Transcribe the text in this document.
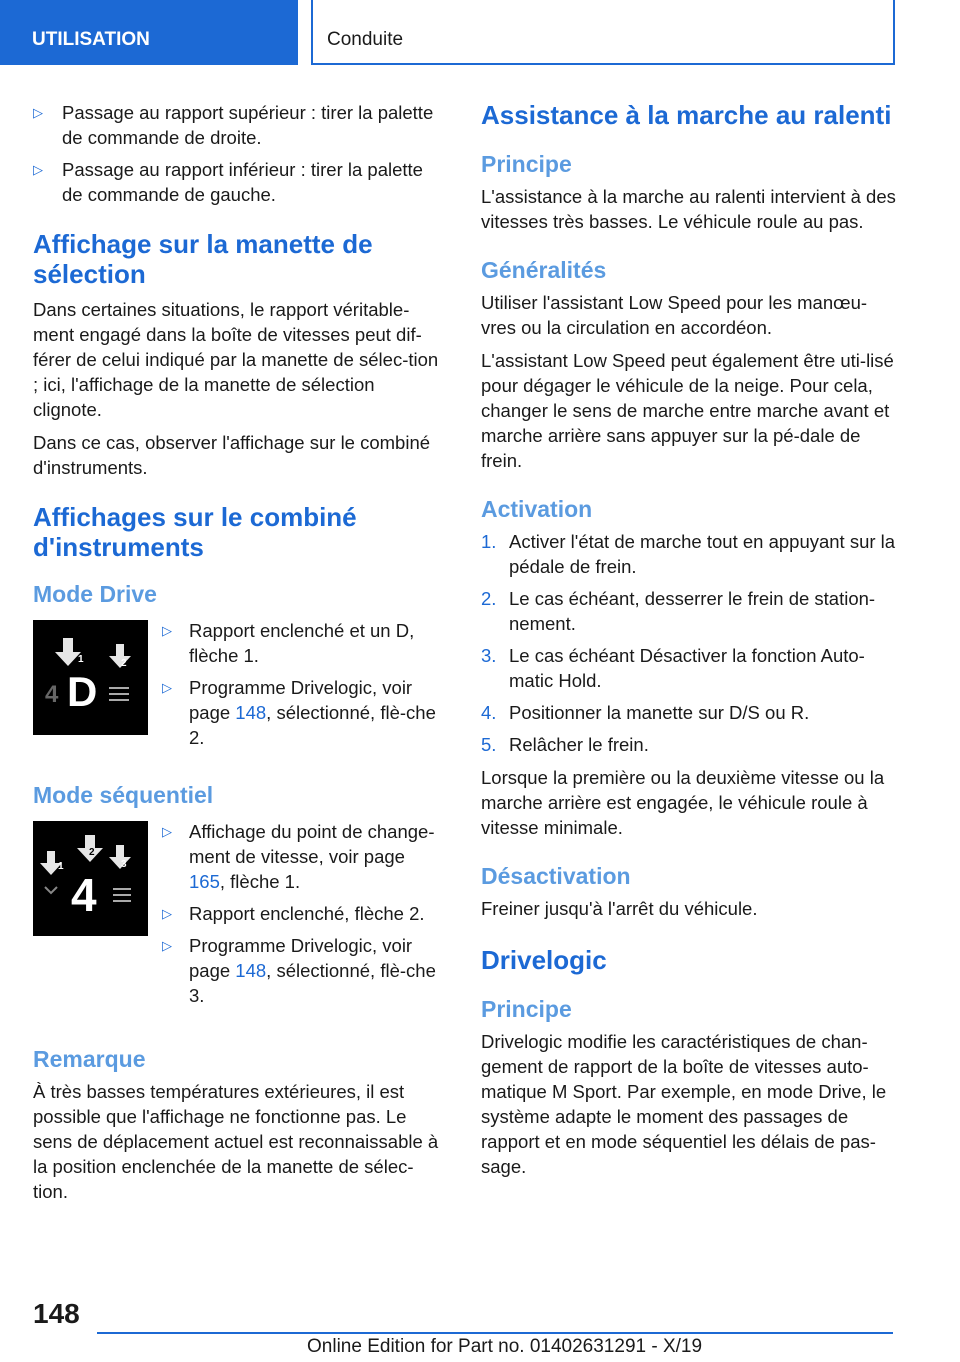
UTILISATION	Conduite
▷ Passage au rapport supérieur : tirer la palette de commande de droite.
▷ Passage au rapport inférieur : tirer la palette de commande de gauche.
Affichage sur la manette de sélection

Dans certaines situations, le rapport véritable-ment engagé dans la boîte de vitesses peut dif-férer de celui indiqué par la manette de sélec-tion ; ici, l'affichage de la manette de sélection clignote.

Dans ce cas, observer l'affichage sur le combiné d'instruments.

Affichages sur le combiné d'instruments
Mode Drive
1	2
4 D
▷ Rapport enclenché et un D, flèche 1.
▷ Programme Drivelogic, voir page 148, sélectionné, flè-che 2.
Mode séquentiel
1
2
3
4
▷ Affichage du point de change-ment de vitesse, voir page 165, flèche 1.
▷ Rapport enclenché, flèche 2.
▷ Programme Drivelogic, voir page 148, sélectionné, flè-che 3.
Remarque

À très basses températures extérieures, il est possible que l'affichage ne fonctionne pas. Le sens de déplacement actuel est reconnaissable à la position enclenchée de la manette de sélec-tion.

Assistance à la marche au ralenti
Principe

L'assistance à la marche au ralenti intervient à des vitesses très basses. Le véhicule roule au pas.

Généralités

Utiliser l'assistant Low Speed pour les manœu-vres ou la circulation en accordéon.

L'assistant Low Speed peut également être uti-lisé pour dégager le véhicule de la neige. Pour cela, changer le sens de marche entre marche avant et marche arrière sans appuyer sur la pé-dale de frein.

Activation
1. Activer l'état de marche tout en appuyant sur la pédale de frein.
2. Le cas échéant, desserrer le frein de station-nement.
3. Le cas échéant Désactiver la fonction Auto-matic Hold.
4. Positionner la manette sur D/S ou R.
5. Relâcher le frein.

Lorsque la première ou la deuxième vitesse ou la marche arrière est engagée, le véhicule roule à vitesse minimale.

Désactivation

Freiner jusqu'à l'arrêt du véhicule.

Drivelogic
Principe

Drivelogic modifie les caractéristiques de chan-gement de rapport de la boîte de vitesses auto-matique M Sport. Par exemple, en mode Drive, le système adapte le moment des passages de rapport et en mode séquentiel les délais de pas-sage.

148
Online Edition for Part no. 01402631291 - X/19
